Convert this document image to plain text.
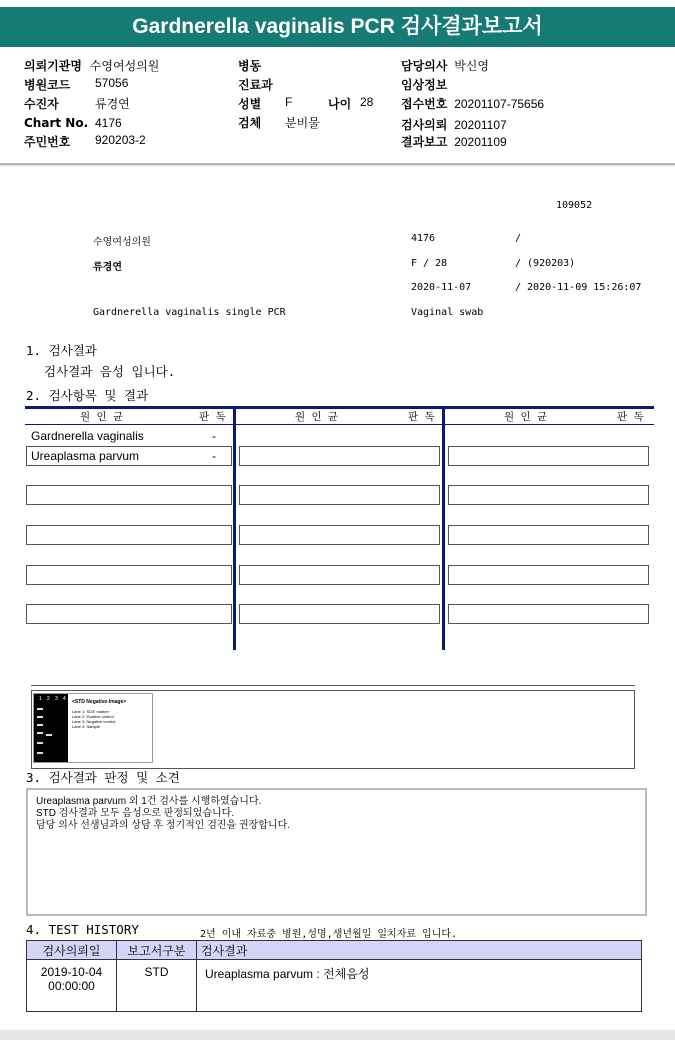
Gardnerella vaginalis PCR 검사결과보고서
의뢰기관명 수영여성의원
병원코드 57056
수진자	류경연
Chart No. 4176
주민번호 920203-2
병동
진료과
성별 F	나이 28
검체 분비물
담당의사 박신영
임상정보
접수번호 20201107-75656
검사의뢰 20201107
결과보고 20201109
109052
수영여성의원	4176	/
류경연	F / 28	/ (920203)
2020-11-07	/ 2020-11-09 15:26:07
Gardnerella vaginalis single PCR	Vaginal swab
1. 검사결과
검사결과 음성 입니다.
2. 검사항목 및 결과
원 인 균	판 독	원 인 균	판 독	원 인 균	판 독
Gardnerella vaginalis	-
Ureaplasma parvum	-
1 2 3 4 <STD Negative-Image>
Lane 1: SIZE marker
Lane 2: Positive control
Lane 3: Negative control
Lane 4: Sample
3. 검사결과 판정 및 소견
Ureaplasma parvum 외 1건 검사를 시행하였습니다.
STD 검사결과 모두 음성으로 판정되었습니다.
담당 의사 선생님과의 상담 후 정기적인 검진을 권장합니다.
4. TEST HISTORY	2년 이내 자료중 병원,성명,생년월일 일치자료 입니다.
검사의뢰일	보고서구분	검사결과

2019-10-04
00:00:00	STD	Ureaplasma parvum : 전체음성
